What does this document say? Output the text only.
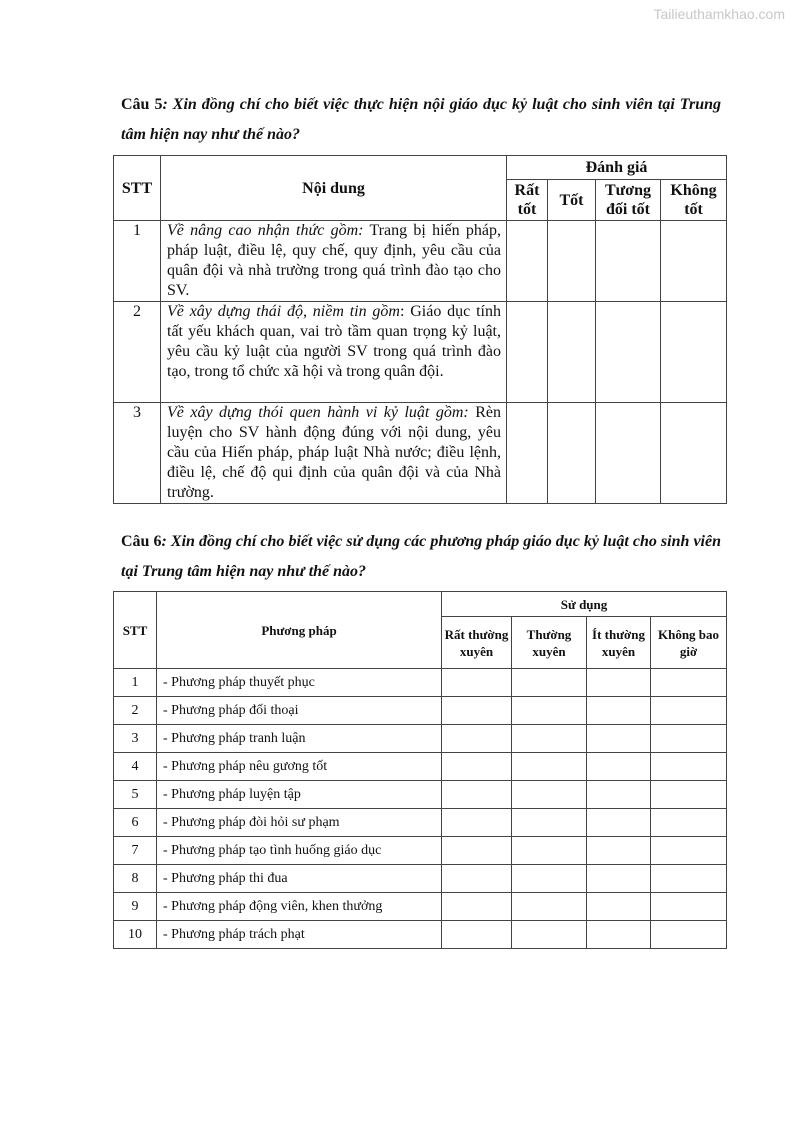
Tailieuthamkhao.com
Câu 5: Xin đồng chí cho biết việc thực hiện nội giáo dục kỷ luật cho sinh viên tại Trung tâm hiện nay như thế nào?
STT	Nội dung	Đánh giá			
		Rất tốt	Tốt	Tương đối tốt	Không tốt
1	Về nâng cao nhận thức gồm: Trang bị hiến pháp, pháp luật, điều lệ, quy chế, quy định, yêu cầu của quân đội và nhà trường trong quá trình đào tạo cho SV.				
2	Về xây dựng thái độ, niềm tin gồm: Giáo dục tính tất yếu khách quan, vai trò tầm quan trọng kỷ luật, yêu cầu kỷ luật của người SV trong quá trình đào tạo, trong tổ chức xã hội và trong quân đội.				
3	Về xây dựng thói quen hành vi kỷ luật gồm: Rèn luyện cho SV hành động đúng với nội dung, yêu cầu của Hiến pháp, pháp luật Nhà nước; điều lệnh, điều lệ, chế độ qui định của quân đội và của Nhà trường.				
Câu 6: Xin đồng chí cho biết việc sử dụng các phương pháp giáo dục kỷ luật cho sinh viên tại Trung tâm hiện nay như thế nào?
STT	Phương pháp	Sử dụng			
		Rất thường xuyên	Thường xuyên	Ít thường xuyên	Không bao giờ
1	- Phương pháp thuyết phục				
2	- Phương pháp đối thoại				
3	- Phương pháp tranh luận				
4	- Phương pháp nêu gương tốt				
5	- Phương pháp luyện tập				
6	- Phương pháp đòi hỏi sư phạm				
7	- Phương pháp tạo tình huống giáo dục				
8	- Phương pháp thi đua				
9	- Phương pháp động viên, khen thưởng				
10	- Phương pháp trách phạt				
